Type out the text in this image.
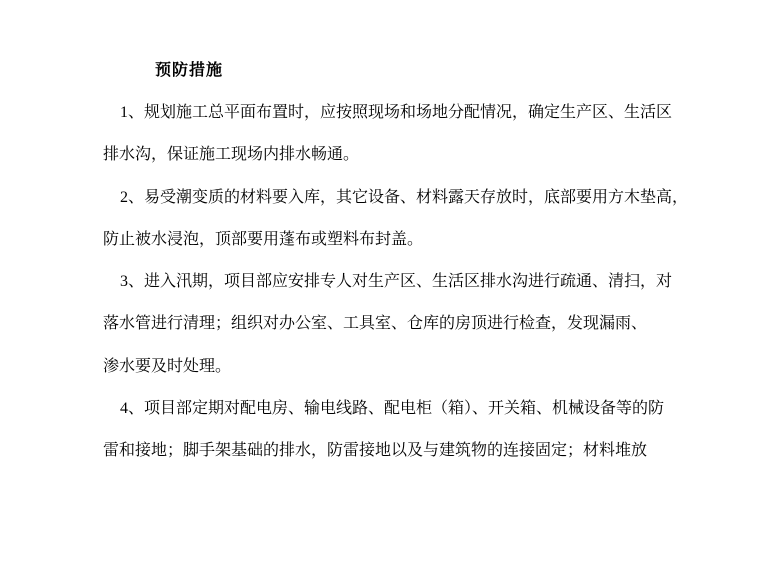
预防措施
1、规划施工总平面布置时，应按照现场和场地分配情况，确定生产区、生活区
排水沟，保证施工现场内排水畅通。
2、易受潮变质的材料要入库，其它设备、材料露天存放时，底部要用方木垫高，
防止被水浸泡，顶部要用蓬布或塑料布封盖。
3、进入汛期，项目部应安排专人对生产区、生活区排水沟进行疏通、清扫，对
落水管进行清理；组织对办公室、工具室、仓库的房顶进行检查，发现漏雨、
渗水要及时处理。
4、项目部定期对配电房、输电线路、配电柜（箱）、开关箱、机械设备等的防
雷和接地；脚手架基础的排水，防雷接地以及与建筑物的连接固定；材料堆放
